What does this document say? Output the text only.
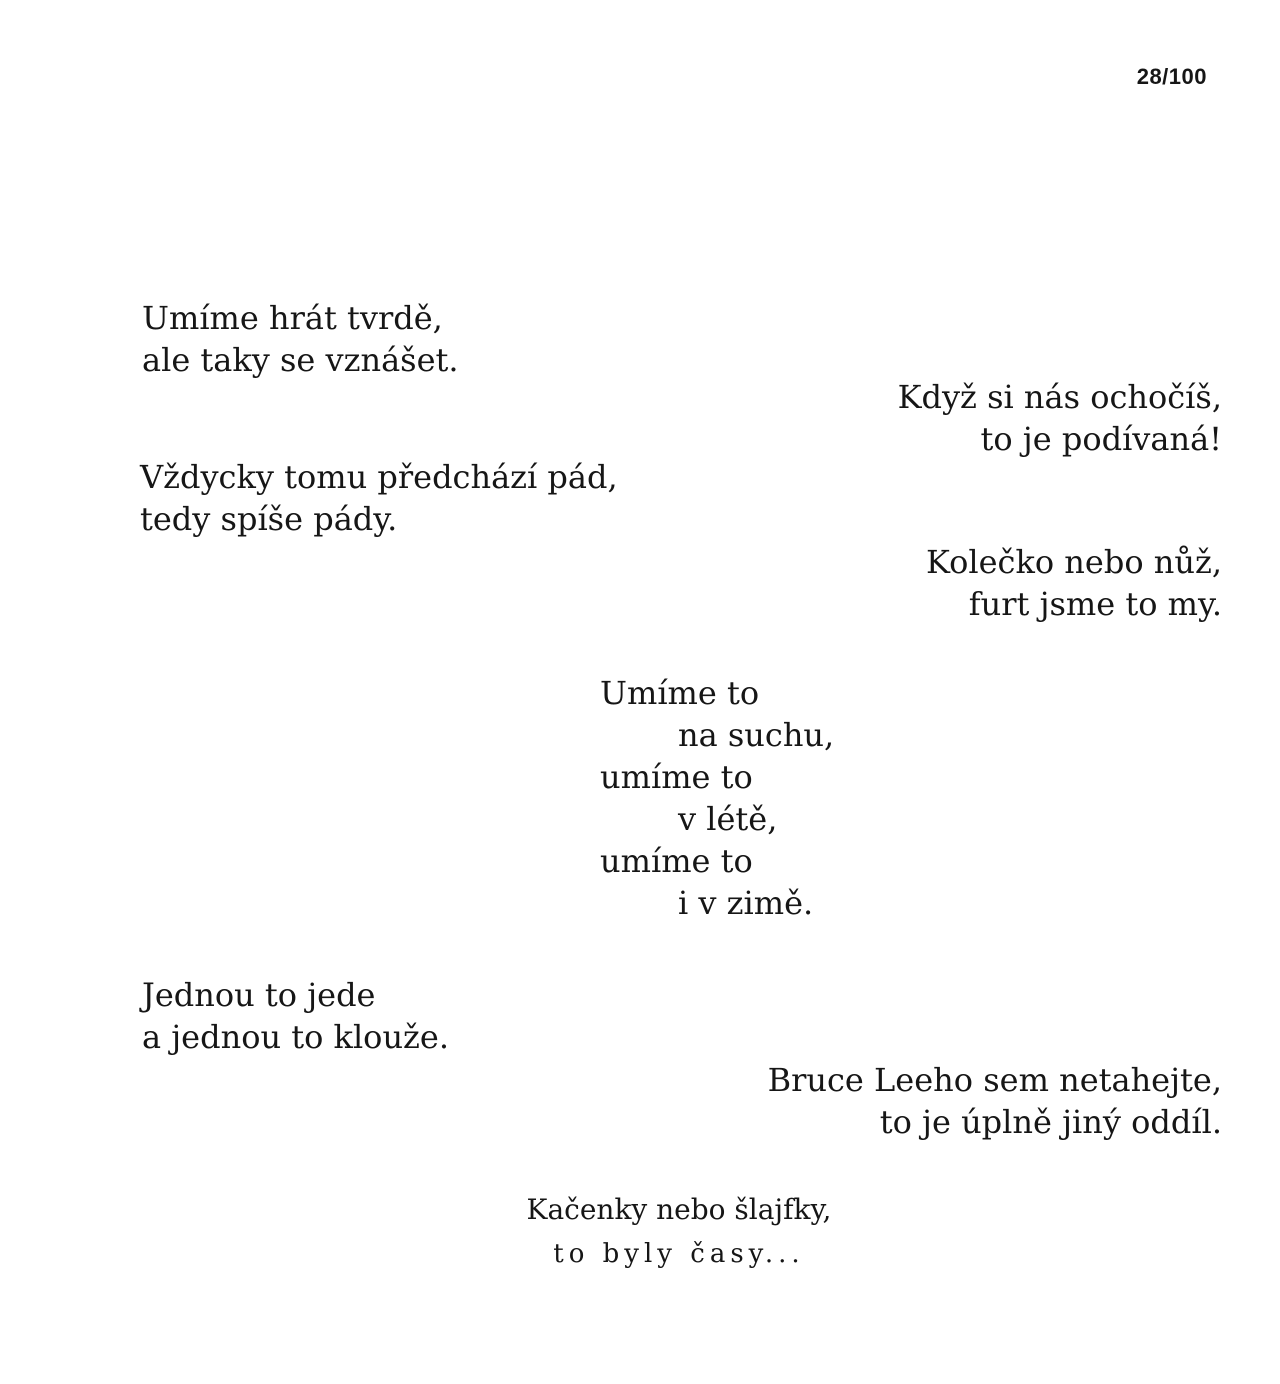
28/100
Umíme hrát tvrdě,
ale taky se vznášet.
Když si nás ochočíš,
to je podívaná!
Vždycky tomu předchází pád,
tedy spíše pády.
Kolečko nebo nůž,
furt jsme to my.
Umíme to
na suchu,
umíme to
v létě,
umíme to
i v zimě.
Jednou to jede
a jednou to klouže.
Bruce Leeho sem netahejte,
to je úplně jiný oddíl.
Kačenky nebo šlajfky,
to byly časy...
